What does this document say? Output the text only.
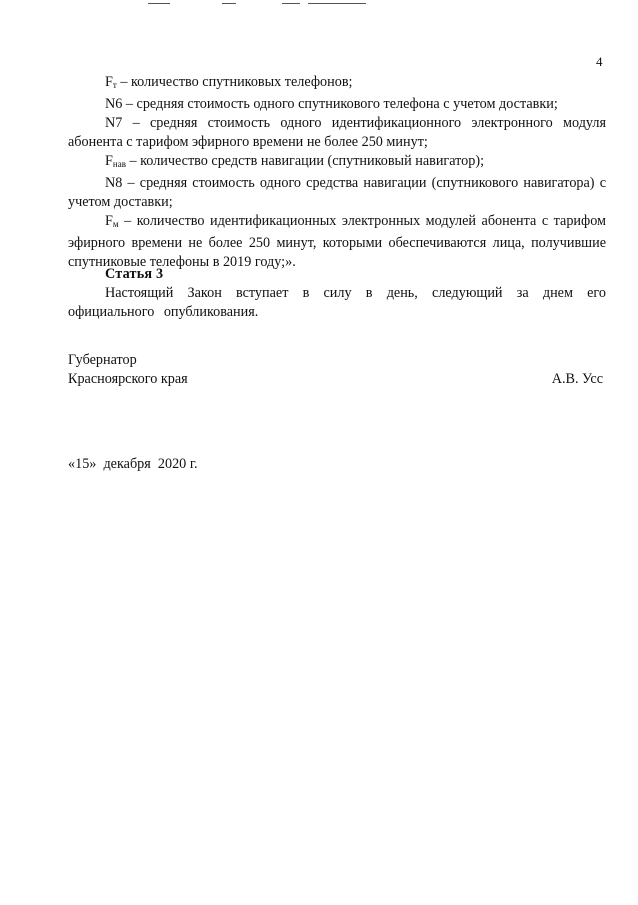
4

$F_т$ – количество спутниковых телефонов;

N6 – средняя стоимость одного спутникового телефона с учетом доставки;

N7 – средняя стоимость одного идентификационного электронного модуля абонента с тарифом эфирного времени не более 250 минут;

$F_{нав}$ – количество средств навигации (спутниковый навигатор);

N8 – средняя стоимость одного средства навигации (спутникового навигатора) с учетом доставки;

$F_м$ – количество идентификационных электронных модулей абонента с тарифом эфирного времени не более 250 минут, которыми обеспечиваются лица, получившие спутниковые телефоны в 2019 году;».

Статья 3

Настоящий Закон вступает в силу в день, следующий за днем его официального опубликования.

Губернатор
Красноярского края	А.В. Усс
«15»  декабря  2020 г.
